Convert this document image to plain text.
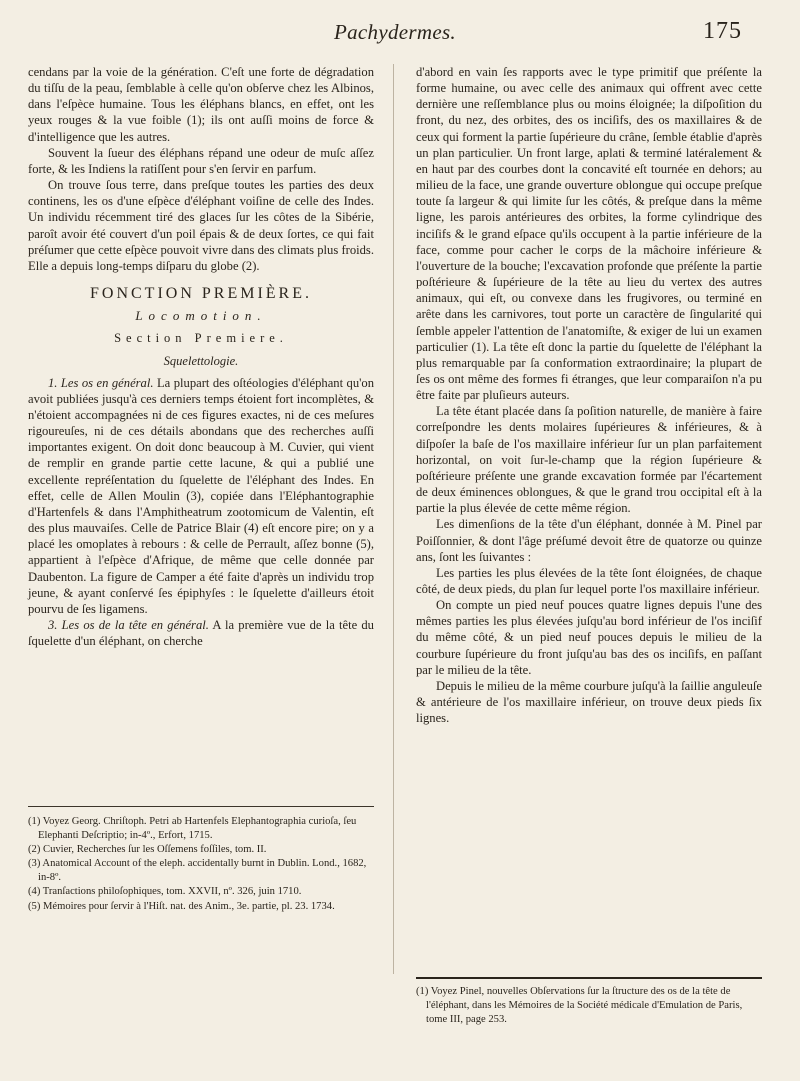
Pachydermes.	175

cendans par la voie de la génération. C'eſt une forte de dégradation du tiſſu de la peau, ſemblable à celle qu'on obſerve chez les Albinos, dans l'eſpèce humaine. Tous les éléphans blancs, en effet, ont les yeux rouges & la vue foible (1); ils ont auſſi moins de force & d'intelligence que les autres.

Souvent la ſueur des éléphans répand une odeur de muſc aſſez forte, & les Indiens la ratiſſent pour s'en ſervir en parfum.

On trouve ſous terre, dans preſque toutes les parties des deux continens, les os d'une eſpèce d'éléphant voiſine de celle des Indes. Un individu récemment tiré des glaces ſur les côtes de la Sibérie, paroît avoir été couvert d'un poil épais & de deux ſortes, ce qui fait préſumer que cette eſpèce pouvoit vivre dans des climats plus froids. Elle a depuis long-temps diſparu du globe (2).

FONCTION PREMIÈRE.
Locomotion.
Section Premiere.
Squelettologie.

1. Les os en général. La plupart des oſtéologies d'éléphant qu'on avoit publiées jusqu'à ces derniers temps étoient fort incomplètes, & n'étoient accompagnées ni de ces figures exactes, ni de ces meſures rigoureuſes, ni de ces détails abondans que des recherches auſſi importantes exigent. On doit donc beaucoup à M. Cuvier, qui vient de remplir en grande partie cette lacune, & qui a publié une excellente repréſentation du ſquelette de l'éléphant des Indes. En effet, celle de Allen Moulin (3), copiée dans l'Eléphantographie d'Hartenfels & dans l'Amphitheatrum zootomicum de Valentin, eſt des plus mauvaiſes. Celle de Patrice Blair (4) eſt encore pire; on y a placé les omoplates à rebours : & celle de Perrault, aſſez bonne (5), appartient à l'eſpèce d'Afrique, de même que celle donnée par Daubenton. La figure de Camper a été faite d'après un individu trop jeune, & ayant conſervé ſes épiphyſes : le ſquelette d'ailleurs étoit pourvu de ſes ligamens.

3. Les os de la tête en général. A la première vue de la tête du ſquelette d'un éléphant, on cherche

(1) Voyez Georg. Chriſtoph. Petri ab Hartenfels Elephantographia curioſa, ſeu Elephanti Deſcriptio; in-4º., Erfort, 1715.

(2) Cuvier, Recherches ſur les Oſſemens foſſiles, tom. II.

(3) Anatomical Account of the eleph. accidentally burnt in Dublin. Lond., 1682, in-8º.

(4) Tranſactions philoſophiques, tom. XXVII, nº. 326, juin 1710.

(5) Mémoires pour ſervir à l'Hiſt. nat. des Anim., 3e. partie, pl. 23. 1734.

d'abord en vain ſes rapports avec le type primitif que préſente la forme humaine, ou avec celle des animaux qui offrent avec cette dernière une reſſemblance plus ou moins éloignée; la diſpoſition du front, du nez, des orbites, des os inciſifs, des os maxillaires & de ceux qui forment la partie ſupérieure du crâne, ſemble établie d'après un plan particulier. Un front large, aplati & terminé latéralement & en haut par des courbes dont la concavité eſt tournée en dehors; au milieu de la face, une grande ouverture oblongue qui occupe preſque toute ſa largeur & qui limite ſur les côtés, & preſque dans la même ligne, les parois antérieures des orbites, la forme cylindrique des inciſifs & le grand eſpace qu'ils occupent à la partie inférieure de la face, comme pour cacher le corps de la mâchoire inférieure & l'ouverture de la bouche; l'excavation profonde que préſente la partie poſtérieure & ſupérieure de la tête au lieu du vertex des autres animaux, qui eſt, ou convexe dans les frugivores, ou terminé en arête dans les carnivores, tout porte un caractère de ſingularité qui ſemble appeler l'attention de l'anatomiſte, & exiger de lui un examen particulier (1). La tête eſt donc la partie du ſquelette de l'éléphant la plus remarquable par ſa conformation extraordinaire; la plupart de ſes os ont même des formes fi étranges, que leur comparaiſon n'a pu être faite par pluſieurs auteurs.

La tête étant placée dans ſa poſition naturelle, de manière à faire correſpondre les dents molaires ſupérieures & inférieures, & à diſpoſer la baſe de l'os maxillaire inférieur ſur un plan parfaitement horizontal, on voit ſur-le-champ que la région ſupérieure & poſtérieure préſente une grande excavation formée par l'écartement de deux éminences oblongues, & que le grand trou occipital eſt à la partie la plus élevée de cette même région.

Les dimenſions de la tête d'un éléphant, donnée à M. Pinel par Poiſſonnier, & dont l'âge préſumé devoit être de quatorze ou quinze ans, ſont les ſuivantes :

Les parties les plus élevées de la tête ſont éloignées, de chaque côté, de deux pieds, du plan ſur lequel porte l'os maxillaire inférieur.

On compte un pied neuf pouces quatre lignes depuis l'une des mêmes parties les plus élevées juſqu'au bord inférieur de l'os inciſif du même côté, & un pied neuf pouces depuis le milieu de la courbure ſupérieure du front juſqu'au bas des os inciſifs, en paſſant par le milieu de la tête.

Depuis le milieu de la même courbure juſqu'à la ſaillie anguleuſe & antérieure de l'os maxillaire inférieur, on trouve deux pieds ſix lignes.

(1) Voyez Pinel, nouvelles Obſervations ſur la ſtructure des os de la tête de l'éléphant, dans les Mémoires de la Société médicale d'Emulation de Paris, tome III, page 253.
